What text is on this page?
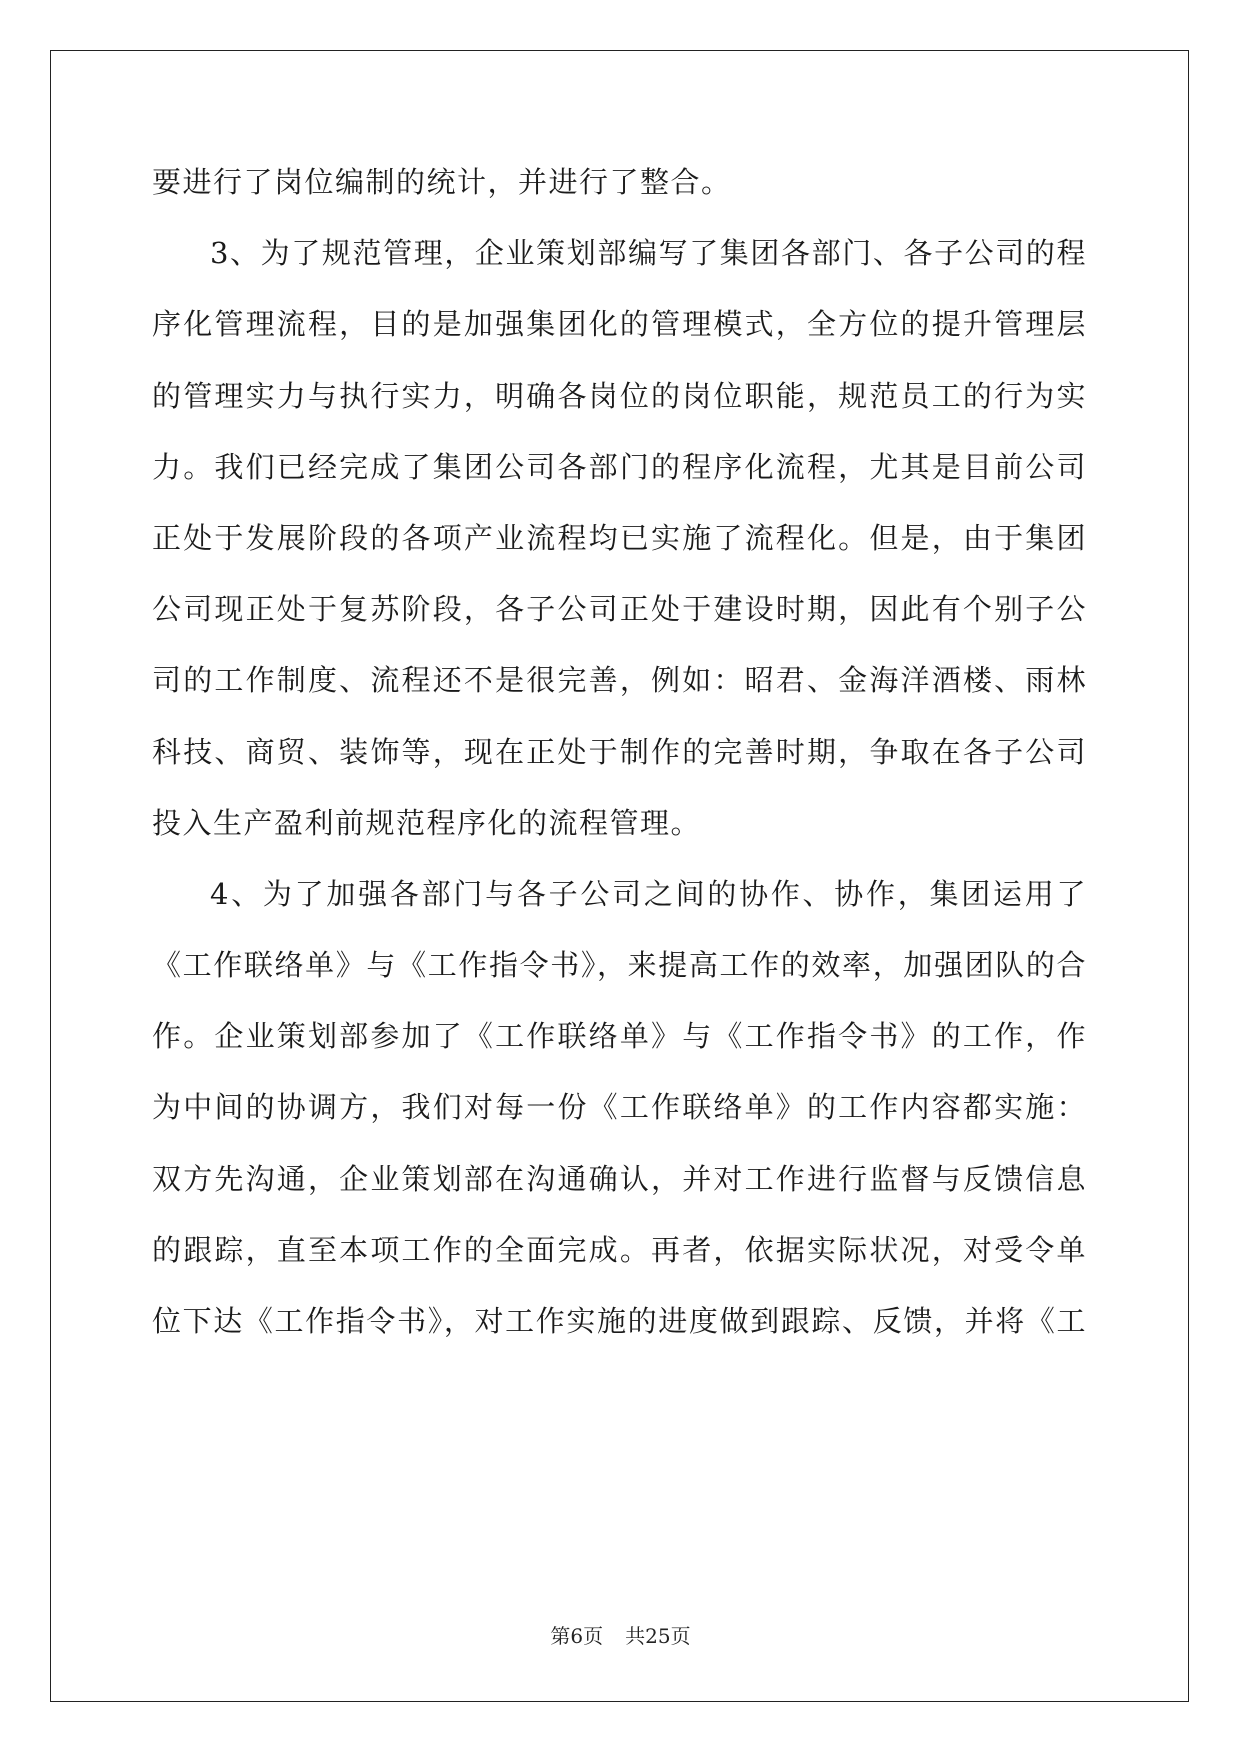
要进行了岗位编制的统计，并进行了整合。
3、为了规范管理，企业策划部编写了集团各部门、各子公司的程
序化管理流程，目的是加强集团化的管理模式，全方位的提升管理层
的管理实力与执行实力，明确各岗位的岗位职能，规范员工的行为实
力。我们已经完成了集团公司各部门的程序化流程，尤其是目前公司
正处于发展阶段的各项产业流程均已实施了流程化。但是，由于集团
公司现正处于复苏阶段，各子公司正处于建设时期，因此有个别子公
司的工作制度、流程还不是很完善，例如：昭君、金海洋酒楼、雨林
科技、商贸、装饰等，现在正处于制作的完善时期，争取在各子公司
投入生产盈利前规范程序化的流程管理。
4、为了加强各部门与各子公司之间的协作、协作，集团运用了
《工作联络单》与《工作指令书》，来提高工作的效率，加强团队的合
作。企业策划部参加了《工作联络单》与《工作指令书》的工作，作
为中间的协调方，我们对每一份《工作联络单》的工作内容都实施：
双方先沟通，企业策划部在沟通确认，并对工作进行监督与反馈信息
的跟踪，直至本项工作的全面完成。再者，依据实际状况，对受令单
位下达《工作指令书》，对工作实施的进度做到跟踪、反馈，并将《工
第6页 共25页
